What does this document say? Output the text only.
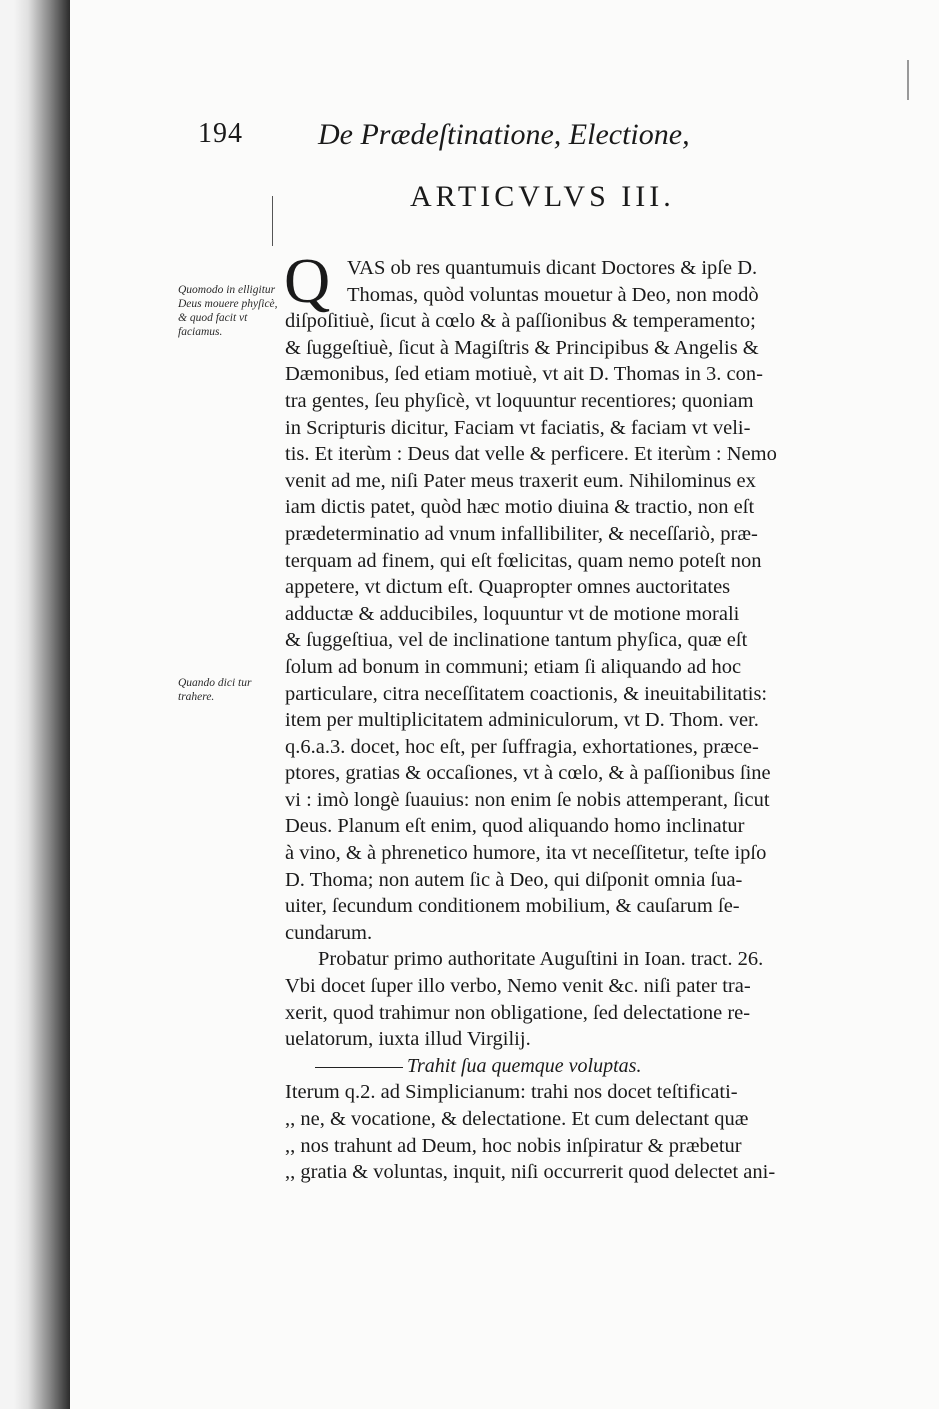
194	De Prædeſtinatione, Electione,
ARTICVLVS III.
Quomodo in elligitur Deus mouere phyſicè, & quod facit vt faciamus.
Quando dici tur trahere.
Q VAS ob res quantumuis dicant Doctores & ipſe D.
Thomas, quòd voluntas mouetur à Deo, non modò
diſpoſitiuè, ſicut à cœlo & à paſſionibus & temperamento;
& ſuggeſtiuè, ſicut à Magiſtris & Principibus & Angelis &
Dæmonibus, ſed etiam motiuè, vt ait D. Thomas in 3. con-
tra gentes, ſeu phyſicè, vt loquuntur recentiores; quoniam
in Scripturis dicitur, Faciam vt faciatis, & faciam vt veli-
tis. Et iterùm : Deus dat velle & perficere. Et iterùm : Nemo
venit ad me, niſi Pater meus traxerit eum. Nihilominus ex
iam dictis patet, quòd hæc motio diuina & tractio, non eſt
prædeterminatio ad vnum infallibiliter, & neceſſariò, præ-
terquam ad finem, qui eſt fœlicitas, quam nemo poteſt non
appetere, vt dictum eſt. Quapropter omnes auctoritates
adductæ & adducibiles, loquuntur vt de motione morali
& ſuggeſtiua, vel de inclinatione tantum phyſica, quæ eſt
ſolum ad bonum in communi; etiam ſi aliquando ad hoc
particulare, citra neceſſitatem coactionis, & ineuitabilitatis:
item per multiplicitatem adminiculorum, vt D. Thom. ver.
q.6.a.3. docet, hoc eſt, per ſuffragia, exhortationes, præce-
ptores, gratias & occaſiones, vt à cœlo, & à paſſionibus ſine
vi : imò longè ſuauius: non enim ſe nobis attemperant, ſicut
Deus. Planum eſt enim, quod aliquando homo inclinatur
à vino, & à phrenetico humore, ita vt neceſſitetur, teſte ipſo
D. Thoma; non autem ſic à Deo, qui diſponit omnia ſua-
uiter, ſecundum conditionem mobilium, & cauſarum ſe-
cundarum.
Probatur primo authoritate Auguſtini in Ioan. tract. 26.
Vbi docet ſuper illo verbo, Nemo venit &c. niſi pater tra-
xerit, quod trahimur non obligatione, ſed delectatione re-
uelatorum, iuxta illud Virgilij.
Trahit ſua quemque voluptas.
Iterum q.2. ad Simplicianum: trahi nos docet teſtificati-
,, ne, & vocatione, & delectatione. Et cum delectant quæ
,, nos trahunt ad Deum, hoc nobis inſpiratur & præbetur
,, gratia & voluntas, inquit, niſi occurrerit quod delectet ani-
